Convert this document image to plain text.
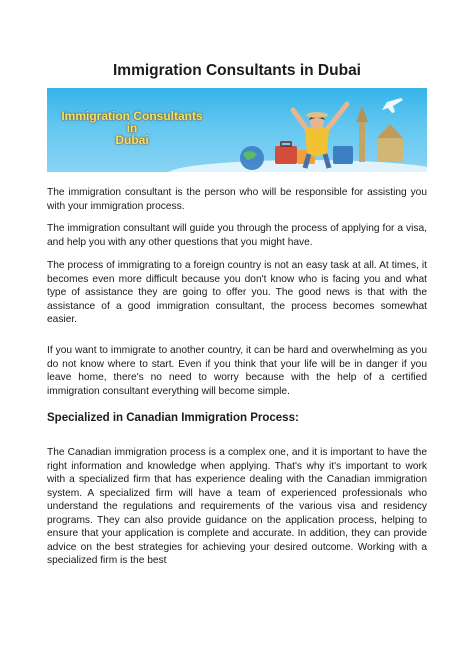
Immigration Consultants in Dubai
Immigration Consultants
in
Dubai

The immigration consultant is the person who will be responsible for assisting you with your immigration process.

The immigration consultant will guide you through the process of applying for a visa, and help you with any other questions that you might have.

The process of immigrating to a foreign country is not an easy task at all. At times, it becomes even more difficult because you don't know who is facing you and what type of assistance they are going to offer you. The good news is that with the assistance of a good immigration consultant, the process becomes somewhat easier.

If you want to immigrate to another country, it can be hard and overwhelming as you do not know where to start. Even if you think that your life will be in danger if you leave home, there's no need to worry because with the help of a certified immigration consultant everything will become simple.

Specialized in Canadian Immigration Process:

The Canadian immigration process is a complex one, and it is important to have the right information and knowledge when applying. That's why it's important to work with a specialized firm that has experience dealing with the Canadian immigration system. A specialized firm will have a team of experienced professionals who understand the regulations and requirements of the various visa and residency programs. They can also provide guidance on the application process, helping to ensure that your application is complete and accurate. In addition, they can provide advice on the best strategies for achieving your desired outcome. Working with a specialized firm is the best
